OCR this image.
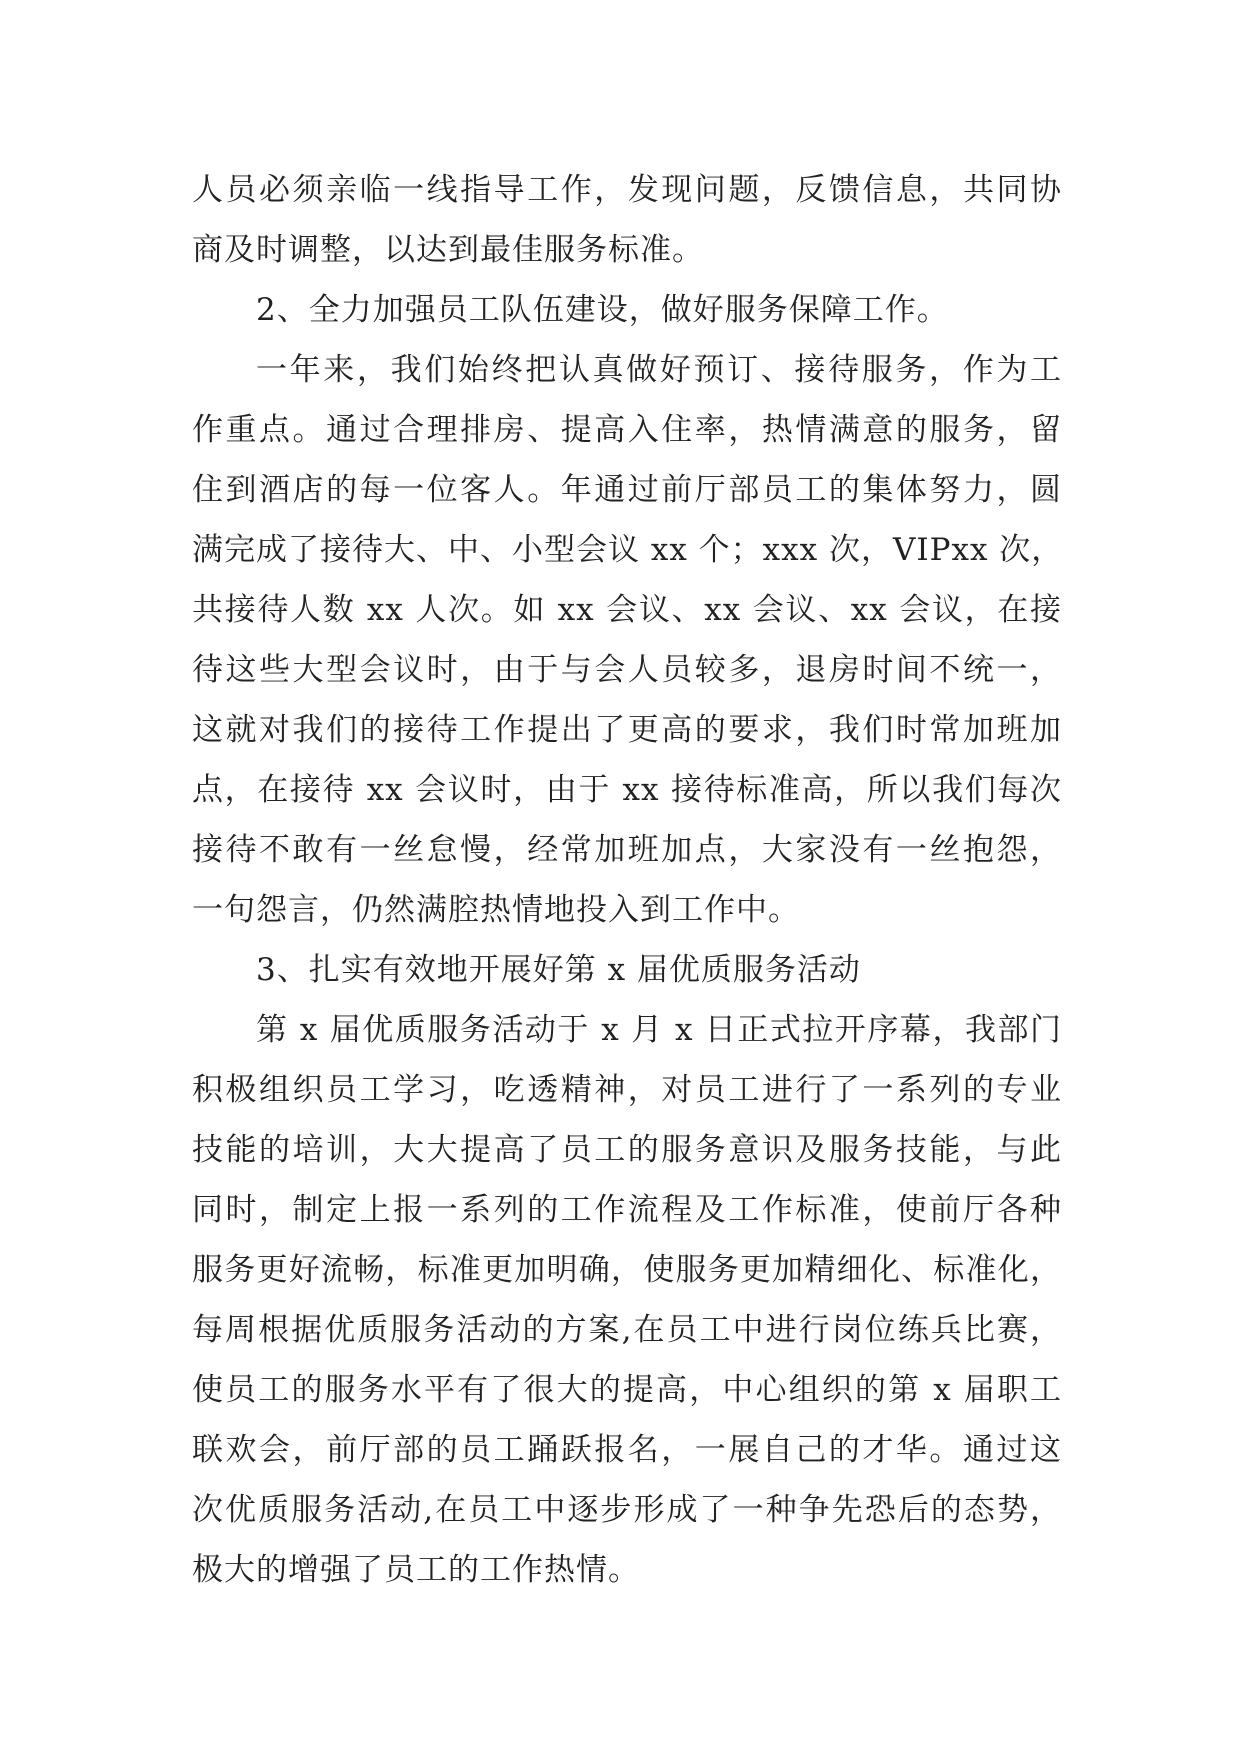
人员必须亲临一线指导工作，发现问题，反馈信息，共同协
商及时调整，以达到最佳服务标准。
2、全力加强员工队伍建设，做好服务保障工作。
一年来，我们始终把认真做好预订、接待服务，作为工
作重点。通过合理排房、提高入住率，热情满意的服务，留
住到酒店的每一位客人。年通过前厅部员工的集体努力，圆
满完成了接待大、中、小型会议 xx 个；xxx 次，VIPxx 次，
共接待人数 xx 人次。如 xx 会议、xx 会议、xx 会议，在接
待这些大型会议时，由于与会人员较多，退房时间不统一，
这就对我们的接待工作提出了更高的要求，我们时常加班加
点，在接待 xx 会议时，由于 xx 接待标准高，所以我们每次
接待不敢有一丝怠慢，经常加班加点，大家没有一丝抱怨，
一句怨言，仍然满腔热情地投入到工作中。
3、扎实有效地开展好第 x 届优质服务活动
第 x 届优质服务活动于 x 月 x 日正式拉开序幕，我部门
积极组织员工学习，吃透精神，对员工进行了一系列的专业
技能的培训，大大提高了员工的服务意识及服务技能，与此
同时，制定上报一系列的工作流程及工作标准，使前厅各种
服务更好流畅，标准更加明确，使服务更加精细化、标准化，
每周根据优质服务活动的方案,在员工中进行岗位练兵比赛，
使员工的服务水平有了很大的提高，中心组织的第 x 届职工
联欢会，前厅部的员工踊跃报名，一展自己的才华。通过这
次优质服务活动,在员工中逐步形成了一种争先恐后的态势，
极大的增强了员工的工作热情。
